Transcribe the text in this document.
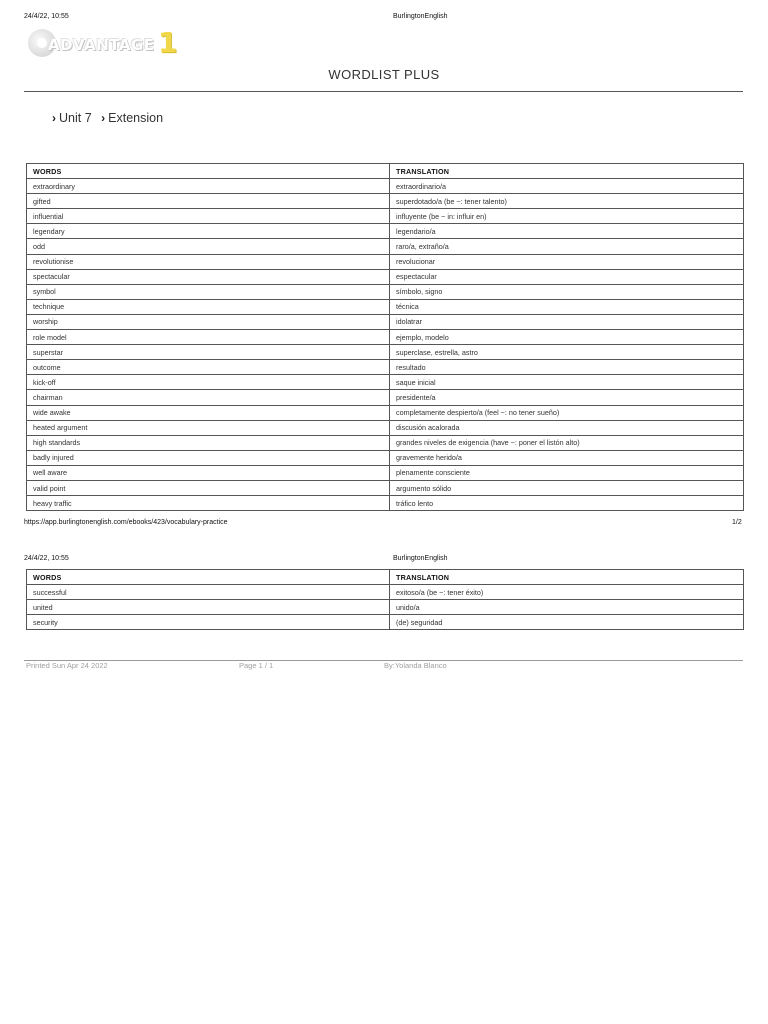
24/4/22, 10:55	BurlingtonEnglish
ADVANTAGE 1
WORDLIST PLUS
› Unit 7 › Extension
WORDS	TRANSLATION
extraordinary	extraordinario/a
gifted	superdotado/a (be ~: tener talento)
influential	influyente (be ~ in: influir en)
legendary	legendario/a
odd	raro/a, extraño/a
revolutionise	revolucionar
spectacular	espectacular
symbol	símbolo, signo
technique	técnica
worship	idolatrar
role model	ejemplo, modelo
superstar	superclase, estrella, astro
outcome	resultado
kick-off	saque inicial
chairman	presidente/a
wide awake	completamente despierto/a (feel ~: no tener sueño)
heated argument	discusión acalorada
high standards	grandes niveles de exigencia (have ~: poner el listón alto)
badly injured	gravemente herido/a
well aware	plenamente consciente
valid point	argumento sólido
heavy traffic	tráfico lento
https://app.burlingtonenglish.com/ebooks/423/vocabulary-practice	1/2
24/4/22, 10:55	BurlingtonEnglish
WORDS	TRANSLATION
successful	exitoso/a (be ~: tener éxito)
united	unido/a
security	(de) seguridad
Printed Sun Apr 24 2022	Page 1 / 1	By:Yolanda Blanco
